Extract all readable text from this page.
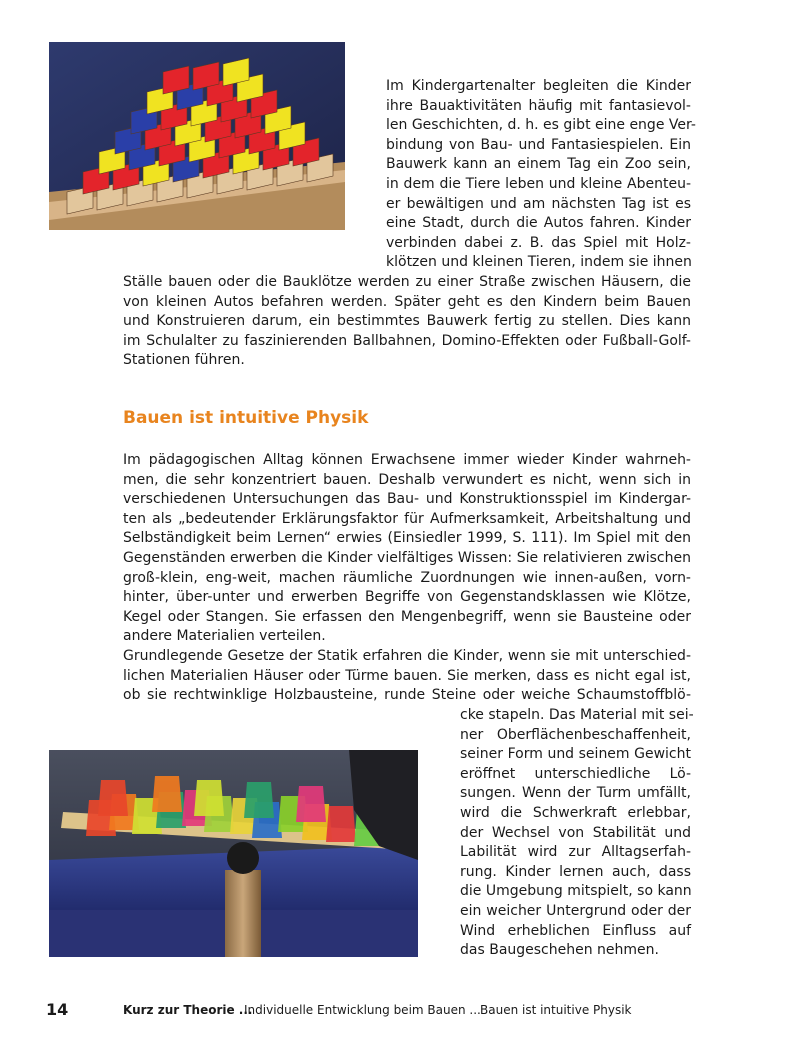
Im Kindergartenalter begleiten die Kinder
ihre Bauaktivitäten häufig mit fantasievol-
len Geschichten, d. h. es gibt eine enge Ver-
bindung von Bau- und Fantasiespielen. Ein
Bauwerk kann an einem Tag ein Zoo sein,
in dem die Tiere leben und kleine Abenteu-
er bewältigen und am nächsten Tag ist es
eine Stadt, durch die Autos fahren. Kinder
verbinden dabei z. B. das Spiel mit Holz-
klötzen und kleinen Tieren, indem sie ihnen
Ställe bauen oder die Bauklötze werden zu einer Straße zwischen Häusern, die
von kleinen Autos befahren werden. Später geht es den Kindern beim Bauen
und Konstruieren darum, ein bestimmtes Bauwerk fertig zu stellen. Dies kann
im Schulalter zu faszinierenden Ballbahnen, Domino-Effekten oder Fußball-Golf-
Stationen führen.
Bauen ist intuitive Physik
Im pädagogischen Alltag können Erwachsene immer wieder Kinder wahrneh-
men, die sehr konzentriert bauen. Deshalb verwundert es nicht, wenn sich in
verschiedenen Untersuchungen das Bau- und Konstruktionsspiel im Kindergar-
ten als „bedeutender Erklärungsfaktor für Aufmerksamkeit, Arbeitshaltung und
Selbständigkeit beim Lernen“ erwies (Einsiedler 1999, S. 111). Im Spiel mit den
Gegenständen erwerben die Kinder vielfältiges Wissen: Sie relativieren zwischen
groß-klein, eng-weit, machen räumliche Zuordnungen wie innen-außen, vorn-
hinter, über-unter und erwerben Begriffe von Gegenstandsklassen wie Klötze,
Kegel oder Stangen. Sie erfassen den Mengenbegriff, wenn sie Bausteine oder
andere Materialien verteilen.
Grundlegende Gesetze der Statik erfahren die Kinder, wenn sie mit unterschied-
lichen Materialien Häuser oder Türme bauen. Sie merken, dass es nicht egal ist,
ob sie rechtwinklige Holzbausteine, runde Steine oder weiche Schaumstoffblö-
cke stapeln. Das Material mit sei-
ner Oberflächenbeschaffenheit,
seiner Form und seinem Gewicht
eröffnet unterschiedliche Lö-
sungen. Wenn der Turm umfällt,
wird die Schwerkraft erlebbar,
der Wechsel von Stabilität und
Labilität wird zur Alltagserfah-
rung. Kinder lernen auch, dass
die Umgebung mitspielt, so kann
ein weicher Untergrund oder der
Wind erheblichen Einfluss auf
das Baugeschehen nehmen.
14	Kurz zur Theorie ...
Individuelle Entwicklung beim Bauen ... Bauen ist intuitive Physik
